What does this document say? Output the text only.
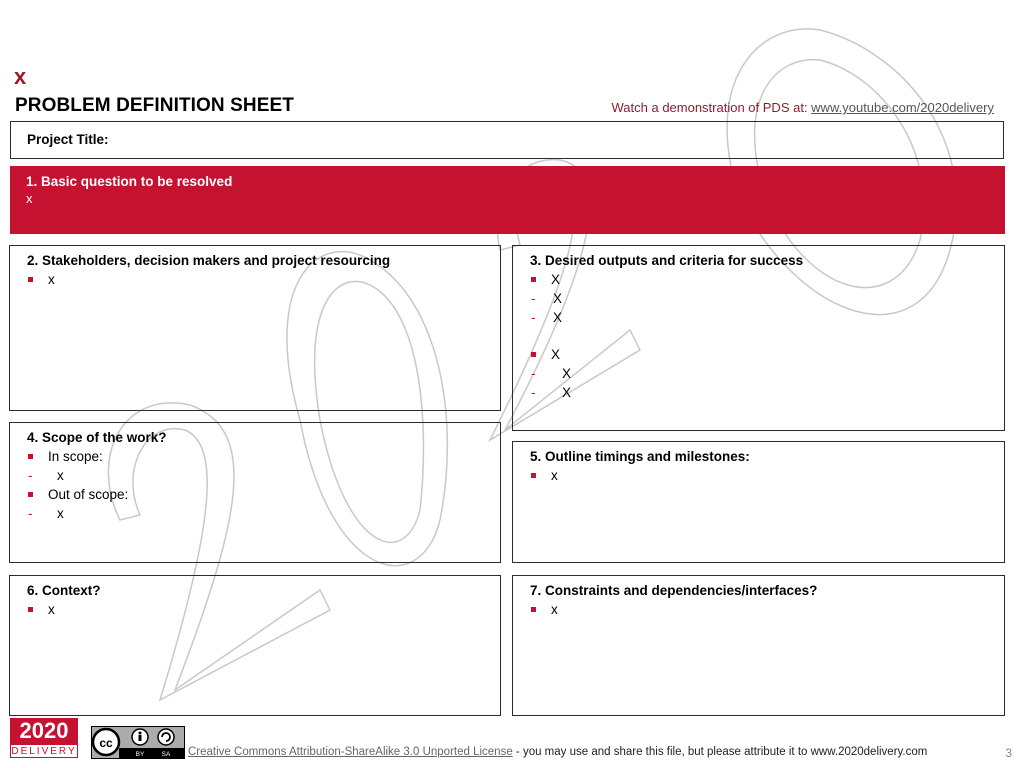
x
PROBLEM DEFINITION SHEET	Watch a demonstration of PDS at: www.youtube.com/2020delivery
Project Title:
1. Basic question to be resolved
x
2. Stakeholders, decision makers and project resourcing
x
3. Desired outputs and criteria for success
X
- X
- X
X
- X
- X
4. Scope of the work?
In scope:
- x
Out of scope:
- x
5. Outline timings and milestones:
x
6. Context?
x
7. Constraints and dependencies/interfaces?
x
2020
DELIVERY
cc
BY	SA Creative Commons Attribution-ShareAlike 3.0 Unported License - you may use and share this file, but please attribute it to www.2020delivery.com	3
